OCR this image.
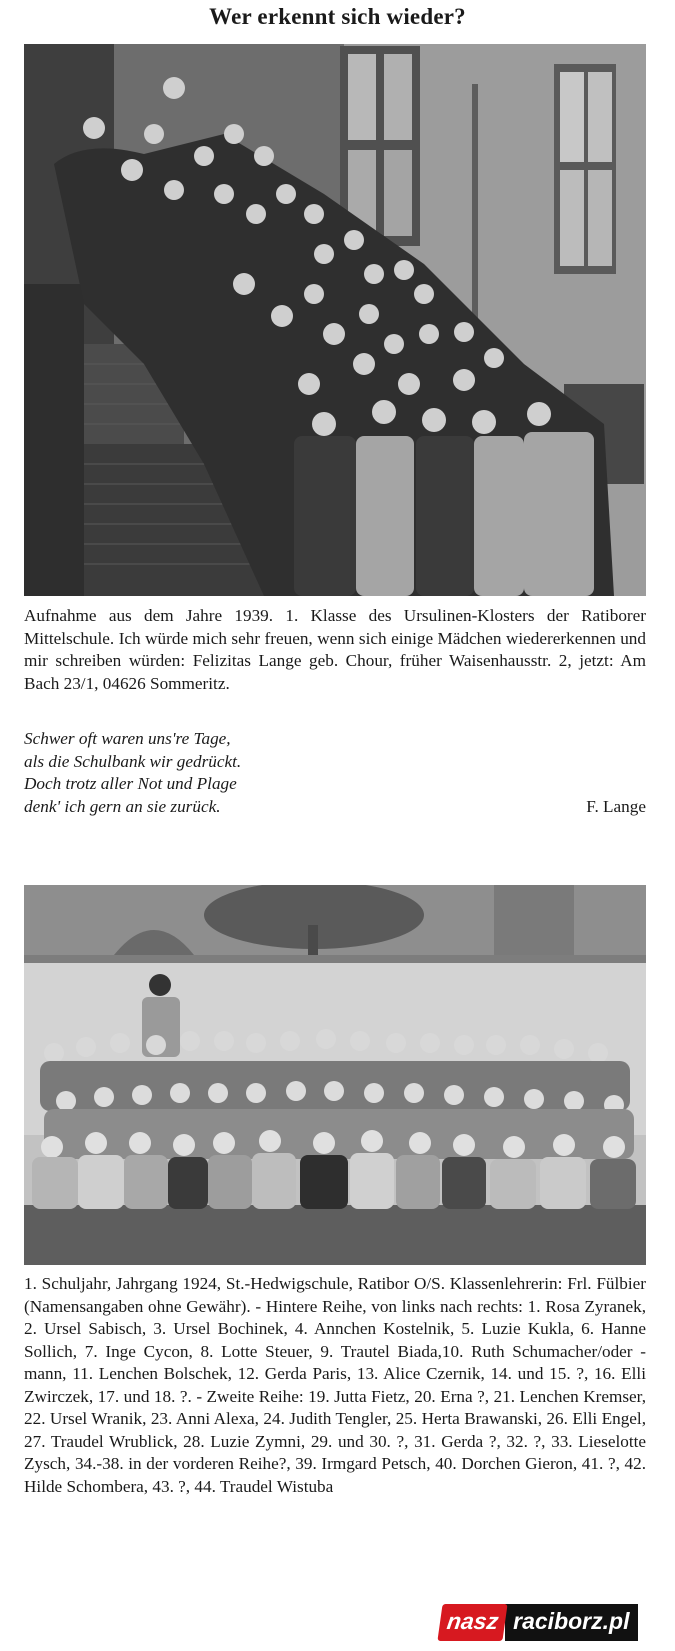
Wer erkennt sich wieder?
Aufnahme aus dem Jahre 1939. 1. Klasse des Ursulinen-Klosters der Ratiborer Mittelschule. Ich würde mich sehr freuen, wenn sich einige Mädchen wiedererkennen und mir schreiben würden: Felizitas Lange geb. Chour, früher Waisenhausstr. 2, jetzt: Am Bach 23/1, 04626 Sommeritz.
Schwer oft waren uns're Tage,
als die Schulbank wir gedrückt.
Doch trotz aller Not und Plage
denk' ich gern an sie zurück.	F. Lange
1. Schuljahr, Jahrgang 1924, St.-Hedwigschule, Ratibor O/S. Klassenlehrerin: Frl. Fülbier (Namensangaben ohne Gewähr). - Hintere Reihe, von links nach rechts: 1. Rosa Zyranek, 2. Ursel Sabisch, 3. Ursel Bochinek, 4. Annchen Kostelnik, 5. Luzie Kukla, 6. Hanne Sollich, 7. Inge Cycon, 8. Lotte Steuer, 9. Trautel Biada,10. Ruth Schumacher/oder -mann, 11. Lenchen Bolschek, 12. Gerda Paris, 13. Alice Czernik, 14. und 15. ?, 16. Elli Zwirczek, 17. und 18. ?. - Zweite Reihe: 19. Jutta Fietz, 20. Erna ?, 21. Lenchen Kremser, 22. Ursel Wranik, 23. Anni Alexa, 24. Judith Tengler, 25. Herta Brawanski, 26. Elli Engel, 27. Traudel Wrublick, 28. Luzie Zymni, 29. und 30. ?, 31. Gerda ?, 32. ?, 33. Lieselotte Zysch, 34.-38. in der vorderen Reihe?, 39. Irmgard Petsch, 40. Dorchen Gieron, 41. ?, 42. Hilde Schombera, 43. ?, 44. Traudel Wistuba
nasz raciborz.pl
